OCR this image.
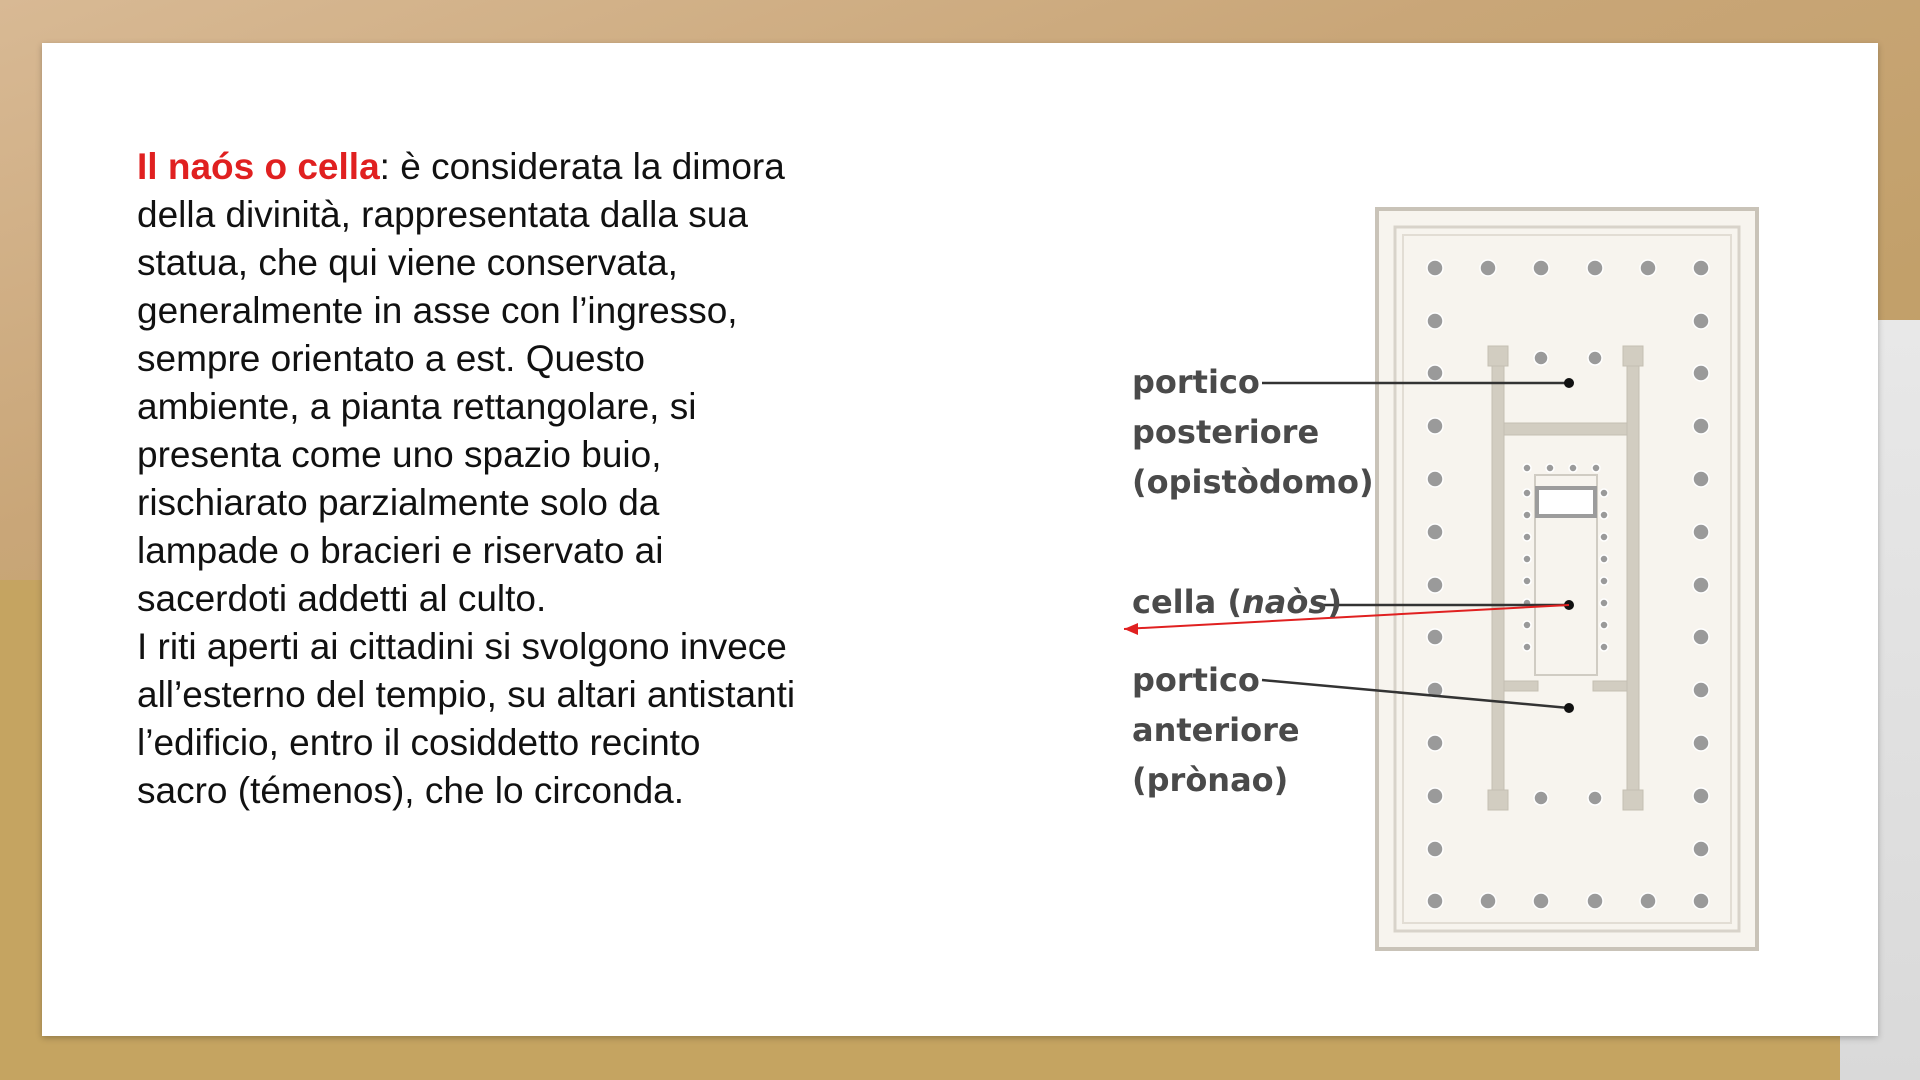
Il naós o cella: è considerata la dimora della divinità, rappresentata dalla sua statua, che qui viene conservata, generalmente in asse con l’ingresso, sempre orientato a est. Questo ambiente, a pianta rettangolare, si presenta come uno spazio buio, rischiarato parzialmente solo da lampade o bracieri e riservato ai sacerdoti addetti al culto.

I riti aperti ai cittadini si svolgono invece all’esterno del tempio, su altari antistanti l’edificio, entro il cosiddetto recinto sacro (témenos), che lo circonda.

portico
posteriore
(opistòdomo)
cella (naòs)
portico
anteriore
(prònao)
